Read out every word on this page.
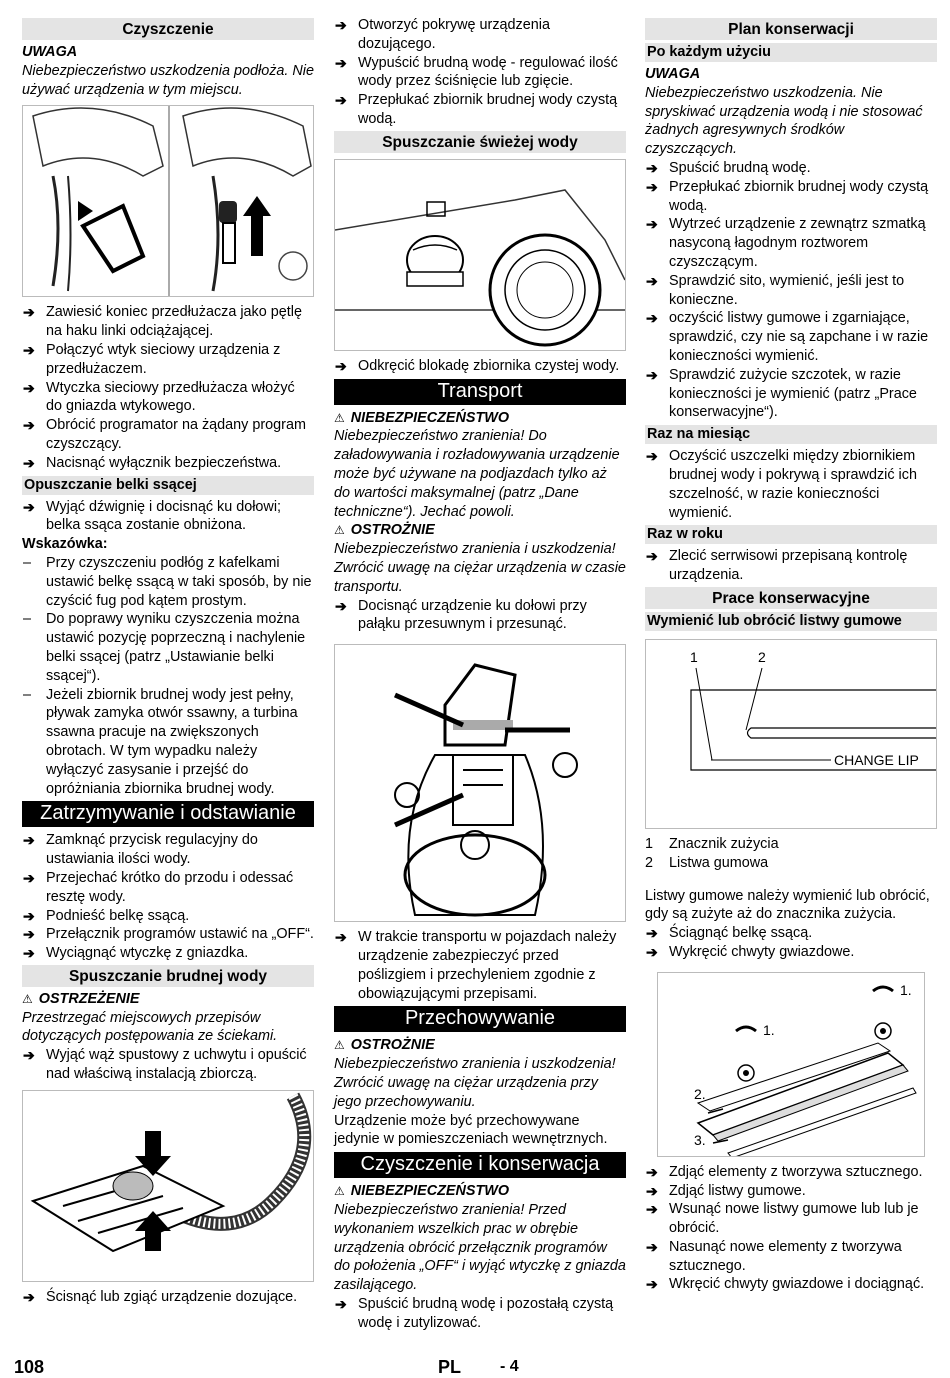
Czyszczenie
UWAGA
Niebezpieczeństwo uszkodzenia podłoża. Nie używać urządzenia w tym miejscu.
➔ Zawiesić koniec przedłużacza jako pętlę na haku linki odciążającej.
➔ Połączyć wtyk sieciowy urządzenia z przedłużaczem.
➔ Wtyczka sieciowy przedłużacza włożyć do gniazda wtykowego.
➔ Obrócić programator na żądany program czyszczący.
➔ Nacisnąć wyłącznik bezpieczeństwa.
Opuszczanie belki ssącej
➔ Wyjąć dźwignię i docisnąć ku dołowi; belka ssąca zostanie obniżona.
Wskazówka:
– Przy czyszczeniu podłóg z kafelkami ustawić belkę ssącą w taki sposób, by nie czyścić fug pod kątem prostym.
– Do poprawy wyniku czyszczenia można ustawić pozycję poprzeczną i nachylenie belki ssącej (patrz „Ustawianie belki ssącej“).
– Jeżeli zbiornik brudnej wody jest pełny, pływak zamyka otwór ssawny, a turbina ssawna pracuje na zwiększonych obrotach. W tym wypadku należy wyłączyć zasysanie i przejść do opróżniania zbiornika brudnej wody.
Zatrzymywanie i odstawianie
➔ Zamknąć przycisk regulacyjny do ustawiania ilości wody.
➔ Przejechać krótko do przodu i odessać resztę wody.
➔ Podnieść belkę ssącą.
➔ Przełącznik programów ustawić na „OFF“.
➔ Wyciągnąć wtyczkę z gniazdka.
Spuszczanie brudnej wody
⚠ OSTRZEŻENIE
Przestrzegać miejscowych przepisów dotyczących postępowania ze ściekami.
➔ Wyjąć wąż spustowy z uchwytu i opuścić nad właściwą instalacją zbiorczą.
➔ Ścisnąć lub zgiąć urządzenie dozujące.
➔ Otworzyć pokrywę urządzenia dozującego.
➔ Wypuścić brudną wodę - regulować ilość wody przez ściśnięcie lub zgięcie.
➔ Przepłukać zbiornik brudnej wody czystą wodą.
Spuszczanie świeżej wody
➔ Odkręcić blokadę zbiornika czystej wody.
Transport
⚠ NIEBEZPIECZEŃSTWO
Niebezpieczeństwo zranienia! Do załadowywania i rozładowywania urządzenie może być używane na podjazdach tylko aż do wartości maksymalnej (patrz „Dane techniczne“). Jechać powoli.
⚠ OSTROŻNIE
Niebezpieczeństwo zranienia i uszkodzenia! Zwrócić uwagę na ciężar urządzenia w czasie transportu.
➔ Docisnąć urządzenie ku dołowi przy pałąku przesuwnym i przesunąć.
➔ W trakcie transportu w pojazdach należy urządzenie zabezpieczyć przed poślizgiem i przechyleniem zgodnie z obowiązującymi przepisami.
Przechowywanie
⚠ OSTROŻNIE
Niebezpieczeństwo zranienia i uszkodzenia! Zwrócić uwagę na ciężar urządzenia przy jego przechowywaniu.
Urządzenie może być przechowywane jedynie w pomieszczeniach wewnętrznych.
Czyszczenie i konserwacja
⚠ NIEBEZPIECZEŃSTWO
Niebezpieczeństwo zranienia! Przed wykonaniem wszelkich prac w obrębie urządzenia obrócić przełącznik programów do położenia „OFF“ i wyjąć wtyczkę z gniazda zasilającego.
➔ Spuścić brudną wodę i pozostałą czystą wodę i zutylizować.
Plan konserwacji
Po każdym użyciu
UWAGA
Niebezpieczeństwo uszkodzenia. Nie spryskiwać urządzenia wodą i nie stosować żadnych agresywnych środków czyszczących.
➔ Spuścić brudną wodę.
➔ Przepłukać zbiornik brudnej wody czystą wodą.
➔ Wytrzeć urządzenie z zewnątrz szmatką nasyconą łagodnym roztworem czyszczącym.
➔ Sprawdzić sito, wymienić, jeśli jest to konieczne.
➔ oczyścić listwy gumowe i zgarniające, sprawdzić, czy nie są zapchane i w razie konieczności wymienić.
➔ Sprawdzić zużycie szczotek, w razie konieczności je wymienić (patrz „Prace konserwacyjne“).
Raz na miesiąc
➔ Oczyścić uszczelki między zbiornikiem brudnej wody i pokrywą i sprawdzić ich szczelność, w razie konieczności wymienić.
Raz w roku
➔ Zlecić serrwisowi przepisaną kontrolę urządzenia.
Prace konserwacyjne
Wymienić lub obrócić listwy gumowe
1	2
CHANGE LIP
1 Znacznik zużycia
2 Listwa gumowa
Listwy gumowe należy wymienić lub obrócić, gdy są zużyte aż do znacznika zużycia.
➔ Ściągnąć belkę ssącą.
➔ Wykręcić chwyty gwiazdowe.
1.
1.
2.
3.
➔ Zdjąć elementy z tworzywa sztucznego.
➔ Zdjąć listwy gumowe.
➔ Wsunąć nowe listwy gumowe lub lub je obrócić.
➔ Nasunąć nowe elementy z tworzywa sztucznego.
➔ Wkręcić chwyty gwiazdowe i dociągnąć.
108	PL - 4
